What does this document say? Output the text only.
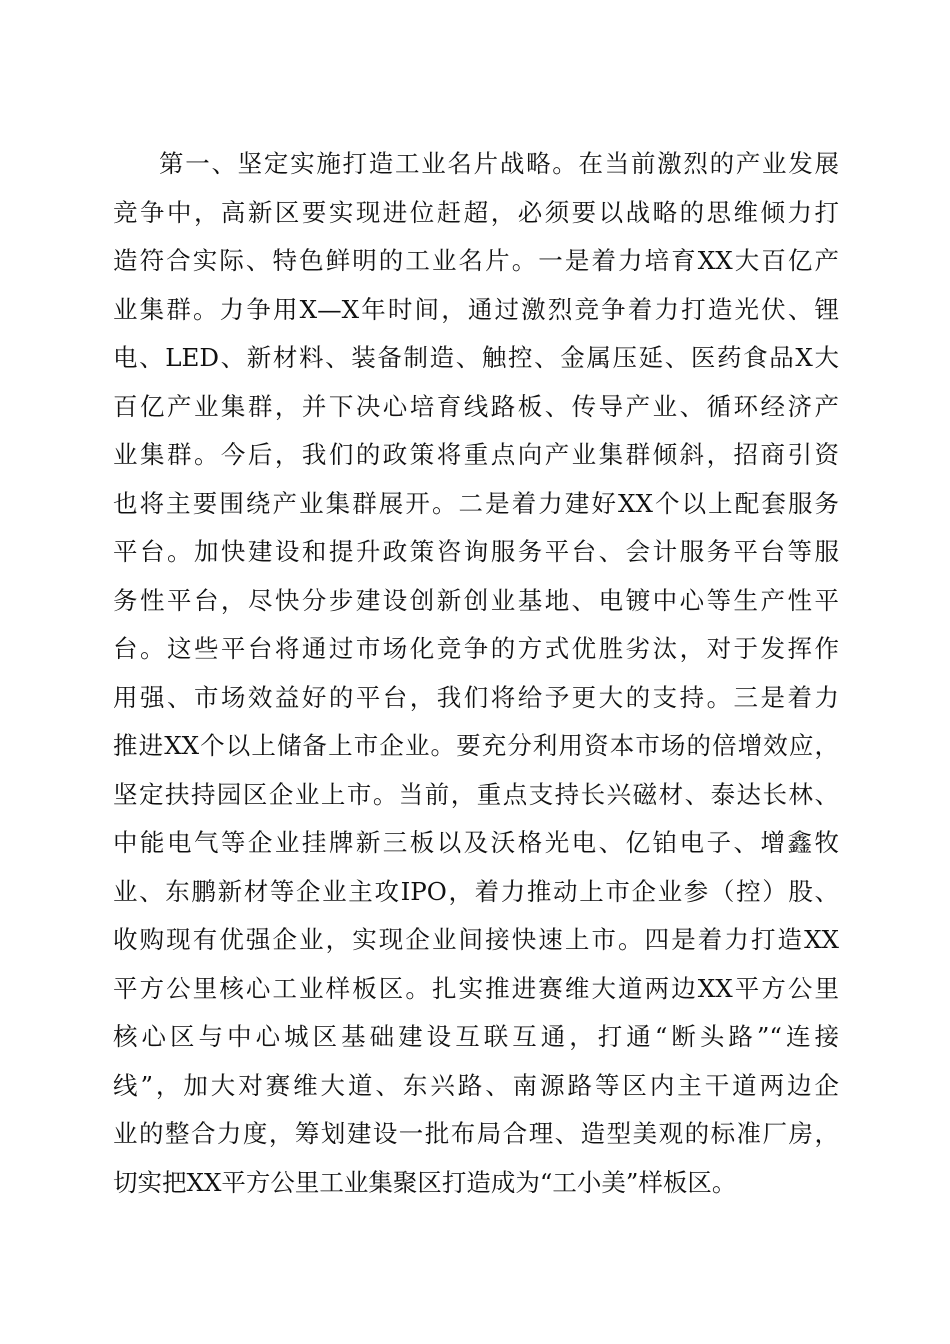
第一、坚定实施打造工业名片战略。在当前激烈的产业发展
竞争中，高新区要实现进位赶超，必须要以战略的思维倾力打
造符合实际、特色鲜明的工业名片。一是着力培育XX大百亿产
业集群。力争用X—X年时间，通过激烈竞争着力打造光伏、锂
电、LED、新材料、装备制造、触控、金属压延、医药食品X大
百亿产业集群，并下决心培育线路板、传导产业、循环经济产
业集群。今后，我们的政策将重点向产业集群倾斜，招商引资
也将主要围绕产业集群展开。二是着力建好XX个以上配套服务
平台。加快建设和提升政策咨询服务平台、会计服务平台等服
务性平台，尽快分步建设创新创业基地、电镀中心等生产性平
台。这些平台将通过市场化竞争的方式优胜劣汰，对于发挥作
用强、市场效益好的平台，我们将给予更大的支持。三是着力
推进XX个以上储备上市企业。要充分利用资本市场的倍增效应，
坚定扶持园区企业上市。当前，重点支持长兴磁材、泰达长林、
中能电气等企业挂牌新三板以及沃格光电、亿铂电子、增鑫牧
业、东鹏新材等企业主攻IPO，着力推动上市企业参（控）股、
收购现有优强企业，实现企业间接快速上市。四是着力打造XX
平方公里核心工业样板区。扎实推进赛维大道两边XX平方公里
核心区与中心城区基础建设互联互通，打通“断头路”“连接
线”，加大对赛维大道、东兴路、南源路等区内主干道两边企
业的整合力度，筹划建设一批布局合理、造型美观的标准厂房，
切实把XX平方公里工业集聚区打造成为“工小美”样板区。
